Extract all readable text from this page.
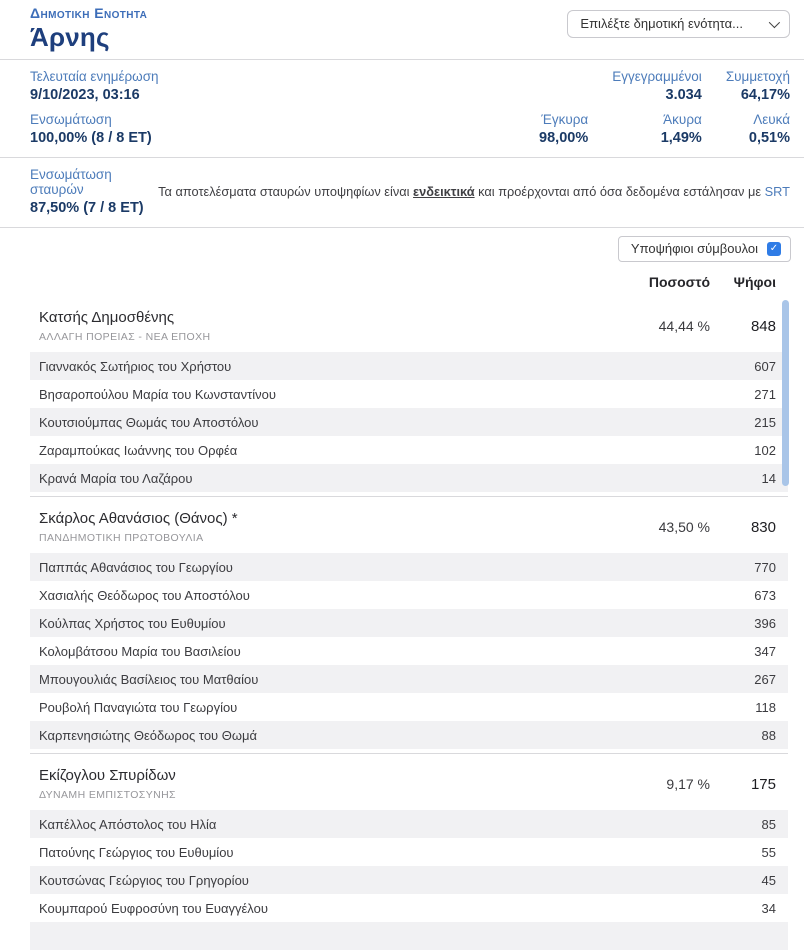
Δημοτική Ενότητα
Άρνης	Επιλέξτε δημοτική ενότητα...
Τελευταία ενημέρωση
9/10/2023, 03:16
Ενσωμάτωση
100,00% (8 / 8 ΕΤ)
Εγγεγραμμένοι
3.034
Συμμετοχή
64,17%
Έγκυρα
98,00%
Άκυρα
1,49%
Λευκά
0,51%
Ενσωμάτωση σταυρών
87,50% (7 / 8 ΕΤ)
Τα αποτελέσματα σταυρών υποψηφίων είναι ενδεικτικά και προέρχονται από όσα δεδομένα εστάλησαν με SRT
Υποψήφιοι σύμβουλοι ✓
Ποσοστό	Ψήφοι
Κατσής Δημοσθένης
ΑΛΛΑΓΗ ΠΟΡΕΙΑΣ - ΝΕΑ ΕΠΟΧΗ
44,44 %	848
Γιαννακός Σωτήριος του Χρήστου	607
Βησαροπούλου Μαρία του Κωνσταντίνου	271
Κουτσιούμπας Θωμάς του Αποστόλου	215
Ζαραμπούκας Ιωάννης του Ορφέα	102
Κρανά Μαρία του Λαζάρου	14
Σκάρλος Αθανάσιος (Θάνος) *
ΠΑΝΔΗΜΟΤΙΚΗ ΠΡΩΤΟΒΟΥΛΙΑ
43,50 %	830
Παππάς Αθανάσιος του Γεωργίου	770
Χασιαλής Θεόδωρος του Αποστόλου	673
Κούλπας Χρήστος του Ευθυμίου	396
Κολομβάτσου Μαρία του Βασιλείου	347
Μπουγουλιάς Βασίλειος του Ματθαίου	267
Ρουβολή Παναγιώτα του Γεωργίου	118
Καρπενησιώτης Θεόδωρος του Θωμά	88
Εκίζογλου Σπυρίδων
ΔΥΝΑΜΗ ΕΜΠΙΣΤΟΣΥΝΗΣ
9,17 %	175
Καπέλλος Απόστολος του Ηλία	85
Πατούνης Γεώργιος του Ευθυμίου	55
Κουτσώνας Γεώργιος του Γρηγορίου	45
Κουμπαρού Ευφροσύνη του Ευαγγέλου	34
